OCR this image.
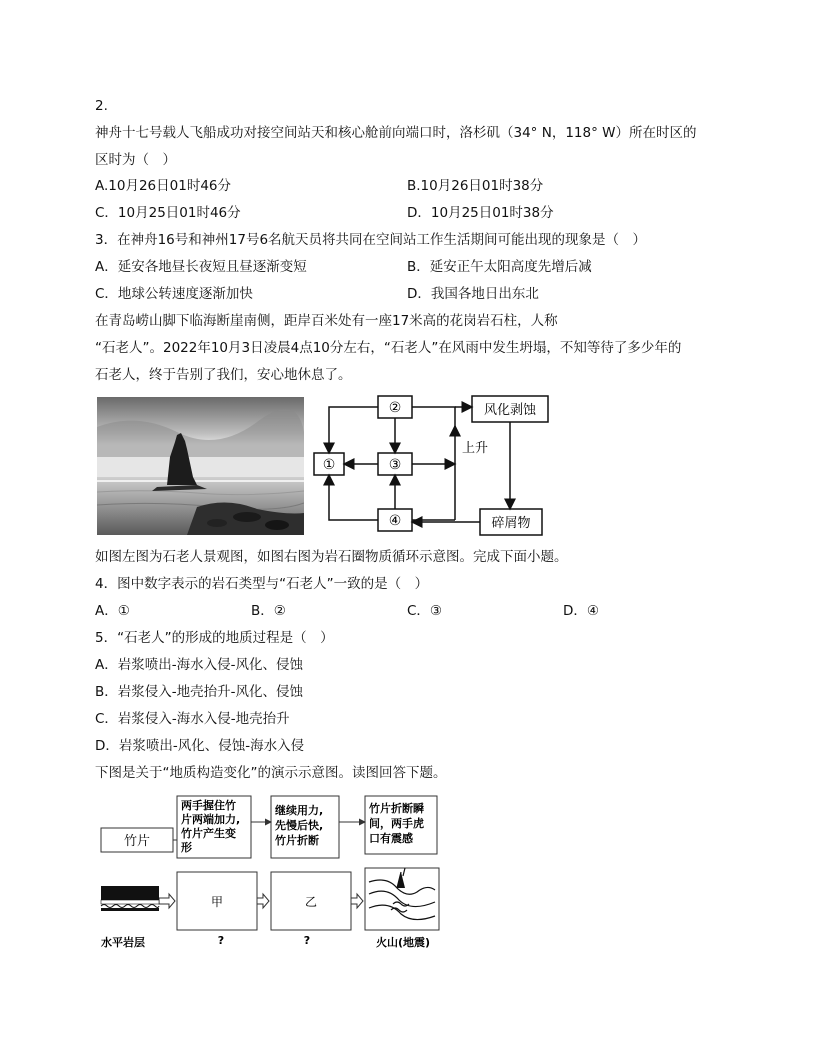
2.
神舟十七号载人飞船成功对接空间站天和核心舱前向端口时，洛杉矶（34° N，118° W）所在时区的
区时为（　）
A.10月26日01时46分	B.10月26日01时38分
C．10月25日01时46分	D．10月25日01时38分
3．在神舟16号和神州17号6名航天员将共同在空间站工作生活期间可能出现的现象是（　）
A．延安各地昼长夜短且昼逐渐变短	B．延安正午太阳高度先增后减
C．地球公转速度逐渐加快	D．我国各地日出东北
在青岛崂山脚下临海断崖南侧，距岸百米处有一座17米高的花岗岩石柱，人称
“石老人”。2022年10月3日凌晨4点10分左右，“石老人”在风雨中发生坍塌，不知等待了多少年的
石老人，终于告别了我们，安心地休息了。
②
①	③
④
风化剥蚀
碎屑物
上升
如图左图为石老人景观图，如图右图为岩石圈物质循环示意图。完成下面小题。
4．图中数字表示的岩石类型与“石老人”一致的是（　）
A．①	B．②	C．③	D．④
5．“石老人”的形成的地质过程是（　）
A．岩浆喷出-海水入侵-风化、侵蚀
B．岩浆侵入-地壳抬升-风化、侵蚀
C．岩浆侵入-海水入侵-地壳抬升
D．岩浆喷出-风化、侵蚀-海水入侵
下图是关于“地质构造变化”的演示示意图。读图回答下题。
竹片
两手握住竹
片两端加力,
竹片产生变
形
继续用力,
先慢后快,
竹片折断
竹片折断瞬
间，两手虎
口有震感
甲	乙
水平岩层	?	?	火山(地震)
